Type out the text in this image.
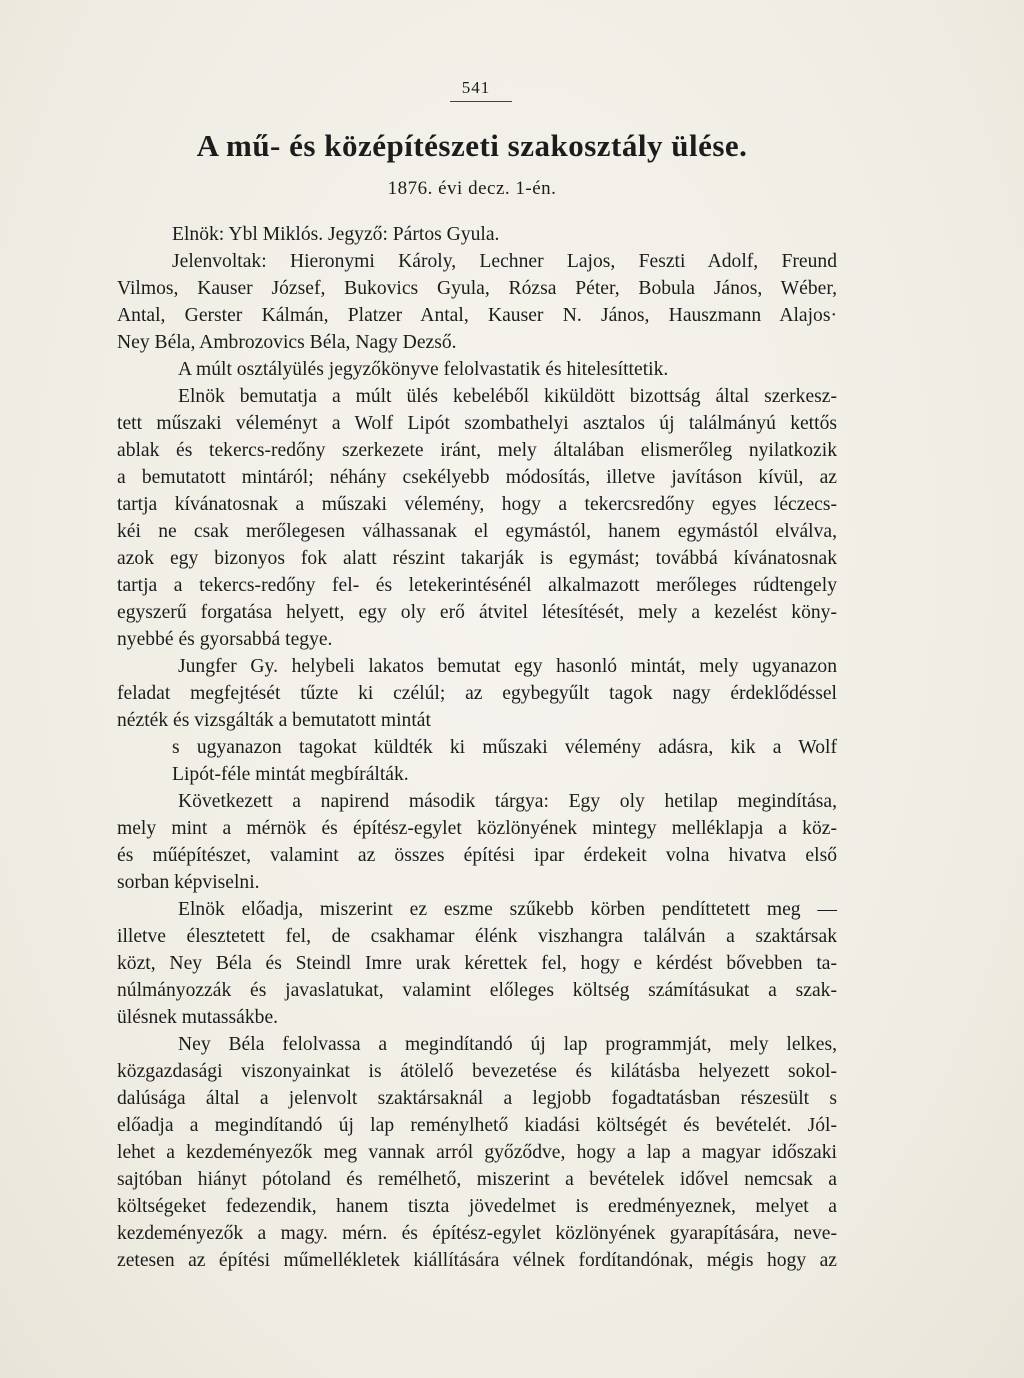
541
A mű- és középítészeti szakosztály ülése.
1876. évi decz. 1-én.
Elnök: Ybl Miklós. Jegyző: Pártos Gyula.
Jelenvoltak: Hieronymi Károly, Lechner Lajos, Feszti Adolf, Freund
Vilmos, Kauser József, Bukovics Gyula, Rózsa Péter, Bobula János, Wéber,
Antal, Gerster Kálmán, Platzer Antal, Kauser N. János, Hauszmann Alajos·
Ney Béla, Ambrozovics Béla, Nagy Dezső.
A múlt osztályülés jegyzőkönyve felolvastatik és hitelesíttetik.
Elnök bemutatja a múlt ülés kebeléből kiküldött bizottság által szerkesz-
tett műszaki véleményt a Wolf Lipót szombathelyi asztalos új találmányú kettős
ablak és tekercs-redőny szerkezete iránt, mely általában elismerőleg nyilatkozik
a bemutatott mintáról; néhány csekélyebb módosítás, illetve javításon kívül, az
tartja kívánatosnak a műszaki vélemény, hogy a tekercsredőny egyes léczecs-
kéi ne csak merőlegesen válhassanak el egymástól, hanem egymástól elválva,
azok egy bizonyos fok alatt részint takarják is egymást; továbbá kívánatosnak
tartja a tekercs-redőny fel- és letekerintésénél alkalmazott merőleges rúdtengely
egyszerű forgatása helyett, egy oly erő átvitel létesítését, mely a kezelést köny-
nyebbé és gyorsabbá tegye.
Jungfer Gy. helybeli lakatos bemutat egy hasonló mintát, mely ugyanazon
feladat megfejtését tűzte ki czélúl; az egybegyűlt tagok nagy érdeklődéssel
nézték és vizsgálták a bemutatott mintát
s ugyanazon tagokat küldték ki műszaki vélemény adásra, kik a Wolf
Lipót-féle mintát megbírálták.
Következett a napirend második tárgya: Egy oly hetilap megindítása,
mely mint a mérnök és építész-egylet közlönyének mintegy melléklapja a köz-
és műépítészet, valamint az összes építési ipar érdekeit volna hivatva első
sorban képviselni.
Elnök előadja, miszerint ez eszme szűkebb körben pendíttetett meg —
illetve élesztetett fel, de csakhamar élénk viszhangra találván a szaktársak
közt, Ney Béla és Steindl Imre urak kérettek fel, hogy e kérdést bővebben ta-
núlmányozzák és javaslatukat, valamint előleges költség számításukat a szak-
ülésnek mutassákbe.
Ney Béla felolvassa a megindítandó új lap programmját, mely lelkes,
közgazdasági viszonyainkat is átölelő bevezetése és kilátásba helyezett sokol-
dalúsága által a jelenvolt szaktársaknál a legjobb fogadtatásban részesült s
előadja a megindítandó új lap reménylhető kiadási költségét és bevételét. Jól-
lehet a kezdeményezők meg vannak arról győződve, hogy a lap a magyar időszaki
sajtóban hiányt pótoland és remélhető, miszerint a bevételek idővel nemcsak a
költségeket fedezendik, hanem tiszta jövedelmet is eredményeznek, melyet a
kezdeményezők a magy. mérn. és építész-egylet közlönyének gyarapítására, neve-
zetesen az építési műmellékletek kiállítására vélnek fordítandónak, mégis hogy az
